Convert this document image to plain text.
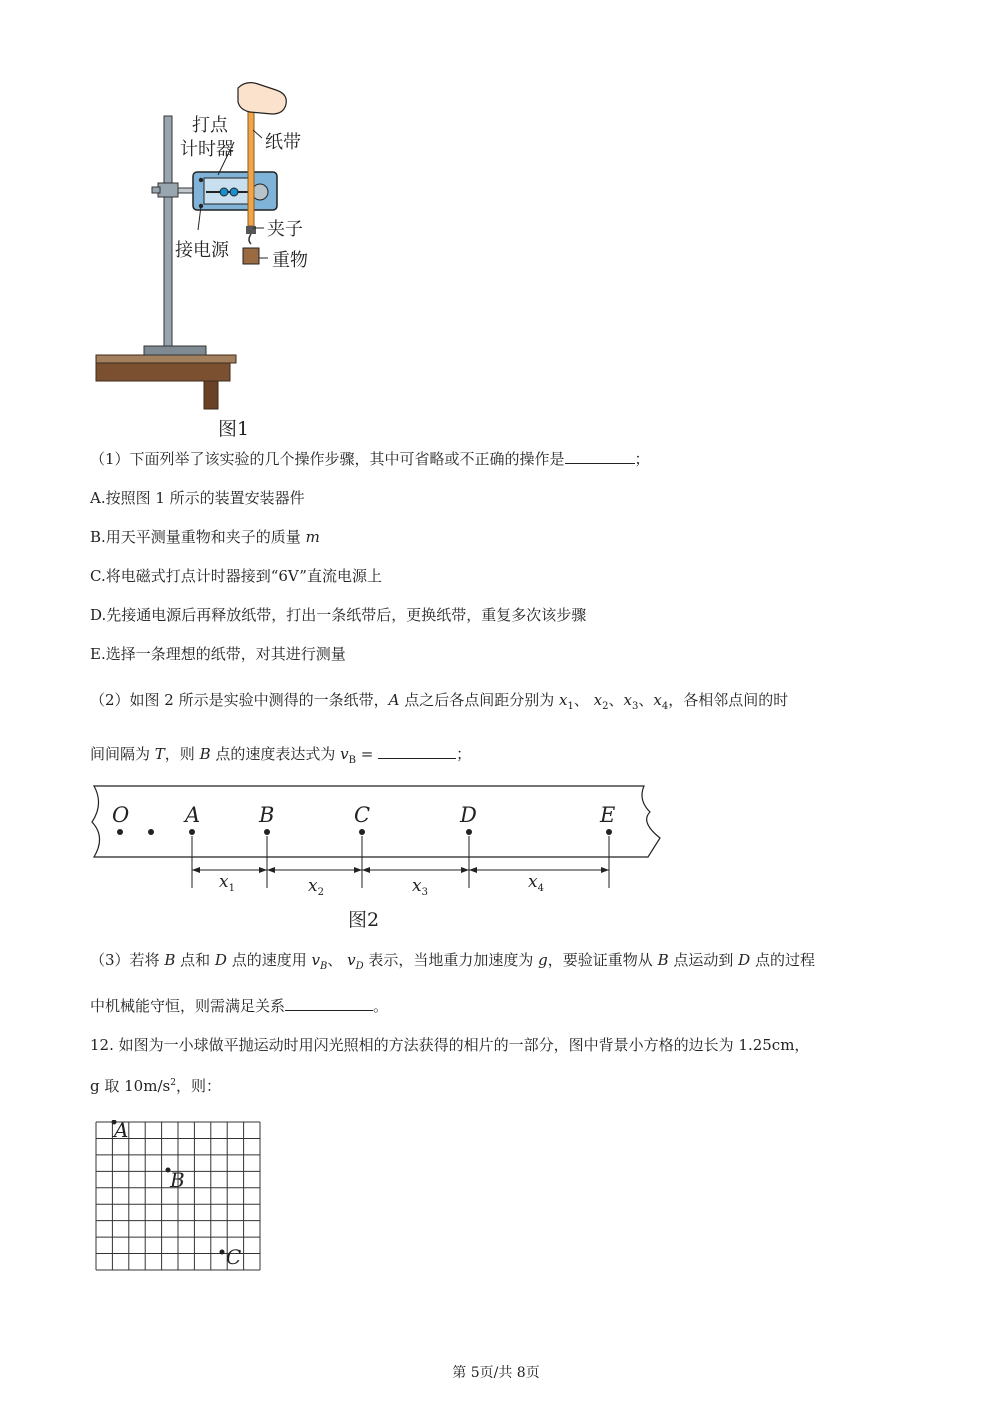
打点
计时器 纸带
夹子
接电源 重物
图1
（1）下面列举了该实验的几个操作步骤，其中可省略或不正确的操作是	；
A.按照图 1 所示的装置安装器件
B.用天平测量重物和夹子的质量 m
C.将电磁式打点计时器接到“6V”直流电源上
D.先接通电源后再释放纸带，打出一条纸带后，更换纸带，重复多次该步骤
E.选择一条理想的纸带，对其进行测量
（2）如图 2 所示是实验中测得的一条纸带，A 点之后各点间距分别为 $x_1$、 $x_2$、$x_3$、$x_4$，各相邻点间的时
间间隔为 T，则 B 点的速度表达式为 $v_B$ =	；
O	A	B	C	D	E
$x_1$	$x_2$	$x_3$
$x_4$
图2
（3）若将 B 点和 D 点的速度用 $v_B$、 $v_D$ 表示，当地重力加速度为 g，要验证重物从 B 点运动到 D 点的过程
中机械能守恒，则需满足关系	。
12. 如图为一小球做平抛运动时用闪光照相的方法获得的相片的一部分，图中背景小方格的边长为 1.25cm，
g 取 $10m/s^2$，则：
A
B
C
第 5页/共 8页
